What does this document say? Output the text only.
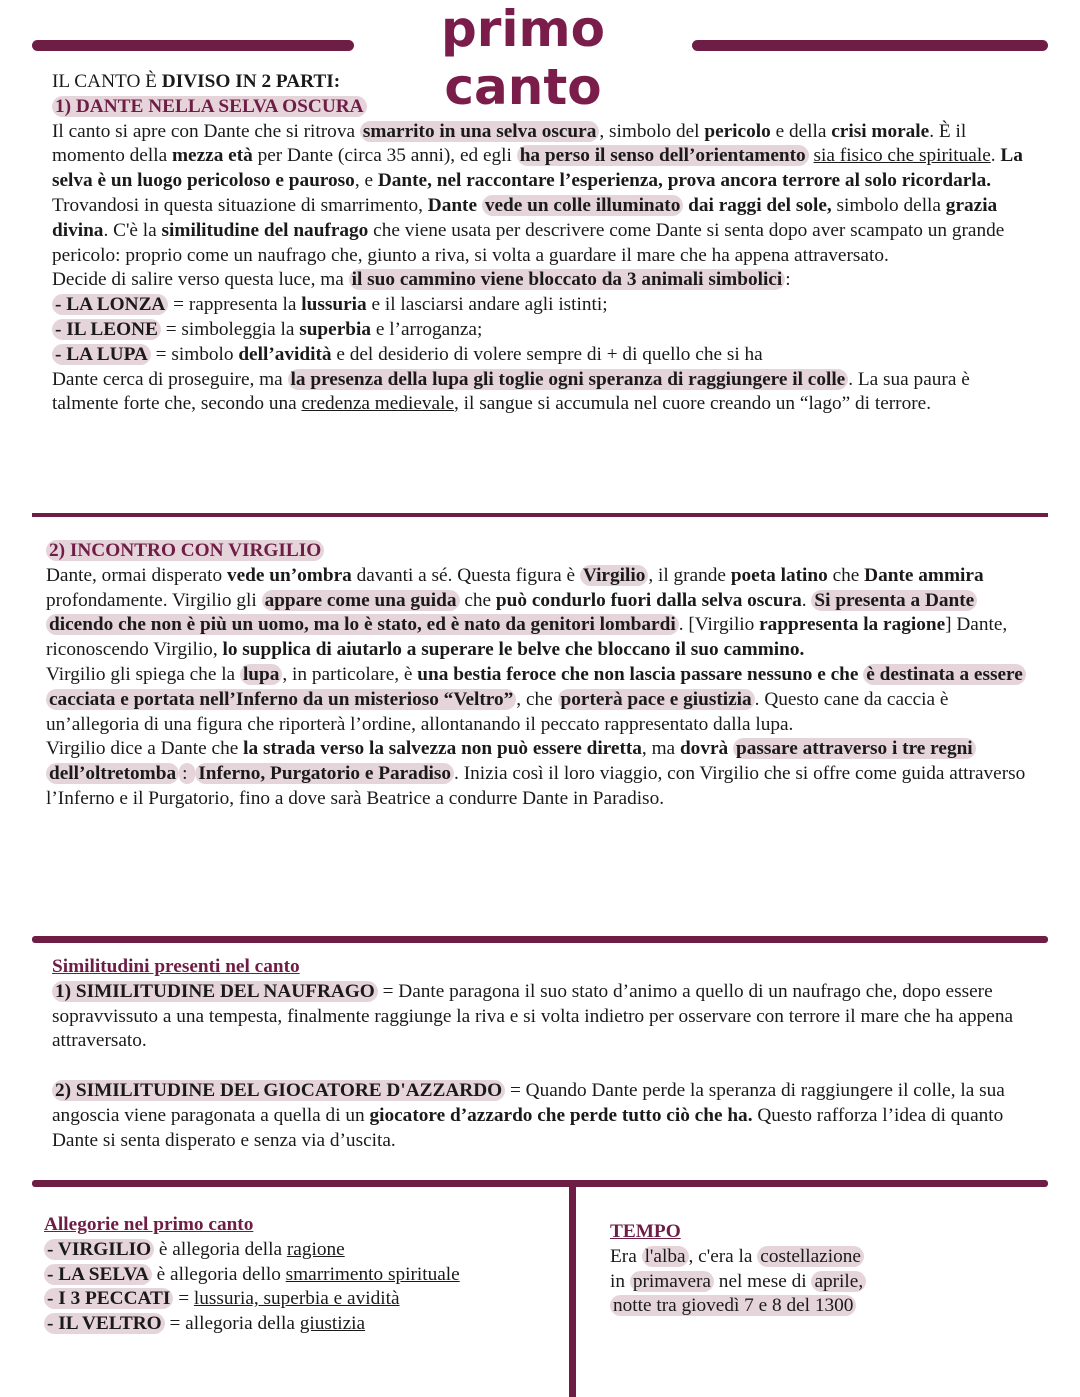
primo canto

IL CANTO È DIVISO IN 2 PARTI:

1) DANTE NELLA SELVA OSCURA

Il canto si apre con Dante che si ritrova smarrito in una selva oscura , simbolo del pericolo e della crisi morale. È il momento della mezza età per Dante (circa 35 anni), ed egli ha perso il senso dell’orientamento sia fisico che spirituale. La selva è un luogo pericoloso e pauroso, e Dante, nel raccontare l’esperienza, prova ancora terrore al solo ricordarla. Trovandosi in questa situazione di smarrimento, Dante vede un colle illuminato dai raggi del sole, simbolo della grazia divina. C'è la similitudine del naufrago che viene usata per descrivere come Dante si senta dopo aver scampato un grande pericolo: proprio come un naufrago che, giunto a riva, si volta a guardare il mare che ha appena attraversato.

Decide di salire verso questa luce, ma il suo cammino viene bloccato da 3 animali simbolici :

- LA LONZA = rappresenta la lussuria e il lasciarsi andare agli istinti;

- IL LEONE = simboleggia la superbia e l’arroganza;

- LA LUPA = simbolo dell’avidità e del desiderio di volere sempre di + di quello che si ha

Dante cerca di proseguire, ma la presenza della lupa gli toglie ogni speranza di raggiungere il colle . La sua paura è talmente forte che, secondo una credenza medievale, il sangue si accumula nel cuore creando un “lago” di terrore.

2) INCONTRO CON VIRGILIO

Dante, ormai disperato vede un’ombra davanti a sé. Questa figura è Virgilio , il grande poeta latino che Dante ammira profondamente. Virgilio gli appare come una guida che può condurlo fuori dalla selva oscura. Si presenta a Dante dicendo che non è più un uomo, ma lo è stato, ed è nato da genitori lombardi . [Virgilio rappresenta la ragione] Dante, riconoscendo Virgilio, lo supplica di aiutarlo a superare le belve che bloccano il suo cammino.

Virgilio gli spiega che la lupa , in particolare, è una bestia feroce che non lascia passare nessuno e che è destinata a essere cacciata e portata nell’Inferno da un misterioso “Veltro” , che porterà pace e giustizia . Questo cane da caccia è un’allegoria di una figura che riporterà l’ordine, allontanando il peccato rappresentato dalla lupa.

Virgilio dice a Dante che la strada verso la salvezza non può essere diretta, ma dovrà passare attraverso i tre regni dell’oltretomba : Inferno, Purgatorio e Paradiso . Inizia così il loro viaggio, con Virgilio che si offre come guida attraverso l’Inferno e il Purgatorio, fino a dove sarà Beatrice a condurre Dante in Paradiso.

Similitudini presenti nel canto

1) SIMILITUDINE DEL NAUFRAGO = Dante paragona il suo stato d’animo a quello di un naufrago che, dopo essere sopravvissuto a una tempesta, finalmente raggiunge la riva e si volta indietro per osservare con terrore il mare che ha appena attraversato.

2) SIMILITUDINE DEL GIOCATORE D'AZZARDO = Quando Dante perde la speranza di raggiungere il colle, la sua angoscia viene paragonata a quella di un giocatore d’azzardo che perde tutto ciò che ha. Questo rafforza l’idea di quanto Dante si senta disperato e senza via d’uscita.

Allegorie nel primo canto

- VIRGILIO è allegoria della ragione

- LA SELVA è allegoria dello smarrimento spirituale

- I 3 PECCATI = lussuria, superbia e avidità

- IL VELTRO = allegoria della giustizia

TEMPO

Era l'alba , c'era la costellazione

in primavera nel mese di aprile,

notte tra giovedì 7 e 8 del 1300
